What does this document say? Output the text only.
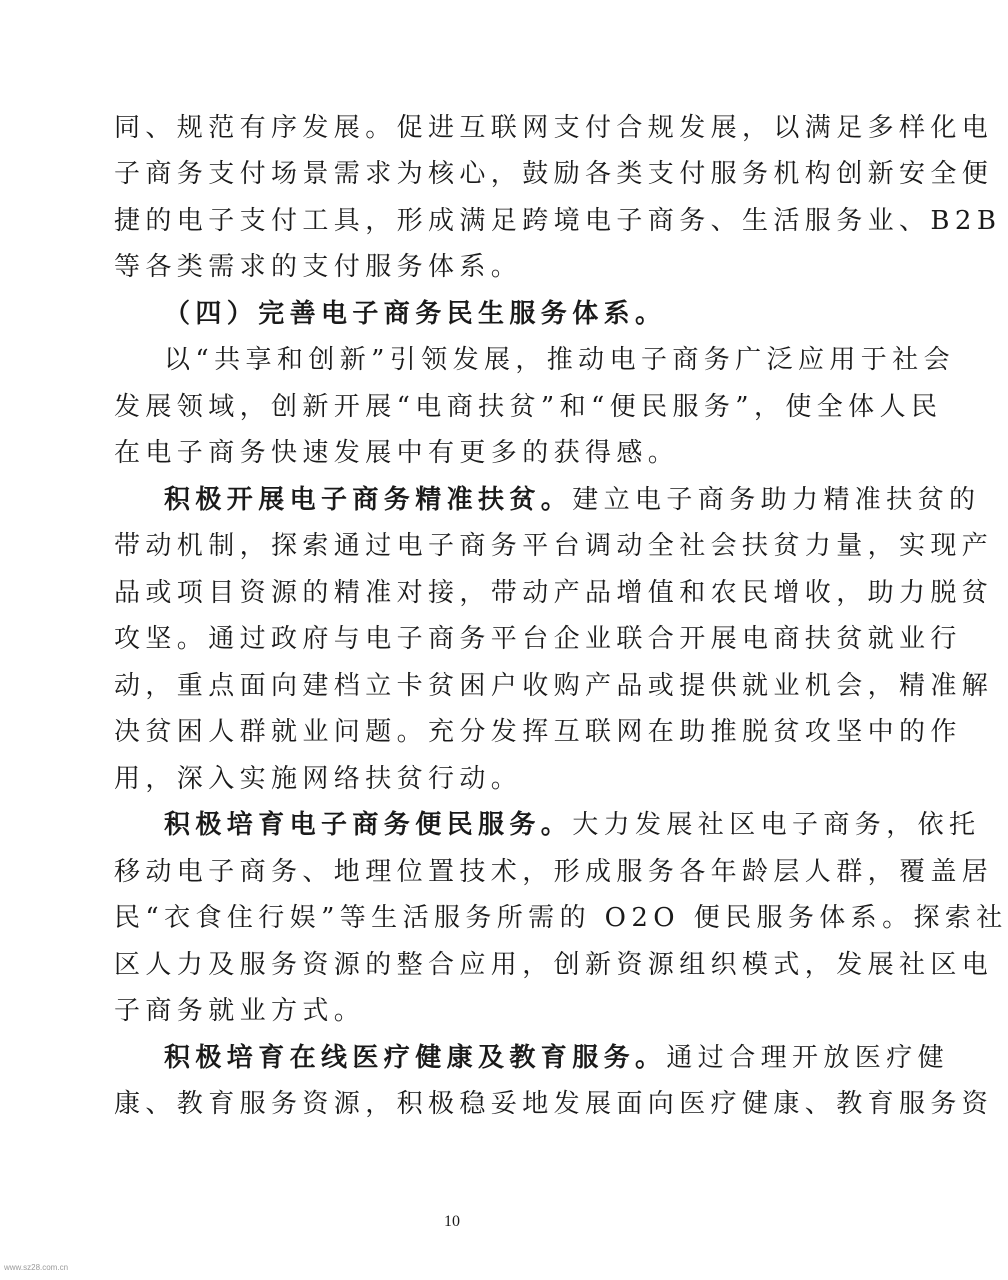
同、规范有序发展。促进互联网支付合规发展，以满足多样化电
子商务支付场景需求为核心，鼓励各类支付服务机构创新安全便
捷的电子支付工具，形成满足跨境电子商务、生活服务业、B2B
等各类需求的支付服务体系。
（四）完善电子商务民生服务体系。
以“共享和创新”引领发展，推动电子商务广泛应用于社会
发展领域，创新开展“电商扶贫”和“便民服务”，使全体人民
在电子商务快速发展中有更多的获得感。
积极开展电子商务精准扶贫。建立电子商务助力精准扶贫的
带动机制，探索通过电子商务平台调动全社会扶贫力量，实现产
品或项目资源的精准对接，带动产品增值和农民增收，助力脱贫
攻坚。通过政府与电子商务平台企业联合开展电商扶贫就业行
动，重点面向建档立卡贫困户收购产品或提供就业机会，精准解
决贫困人群就业问题。充分发挥互联网在助推脱贫攻坚中的作
用，深入实施网络扶贫行动。
积极培育电子商务便民服务。大力发展社区电子商务，依托
移动电子商务、地理位置技术，形成服务各年龄层人群，覆盖居
民“衣食住行娱”等生活服务所需的 O2O 便民服务体系。探索社
区人力及服务资源的整合应用，创新资源组织模式，发展社区电
子商务就业方式。
积极培育在线医疗健康及教育服务。通过合理开放医疗健
康、教育服务资源，积极稳妥地发展面向医疗健康、教育服务资
10
www.sz28.com.cn
